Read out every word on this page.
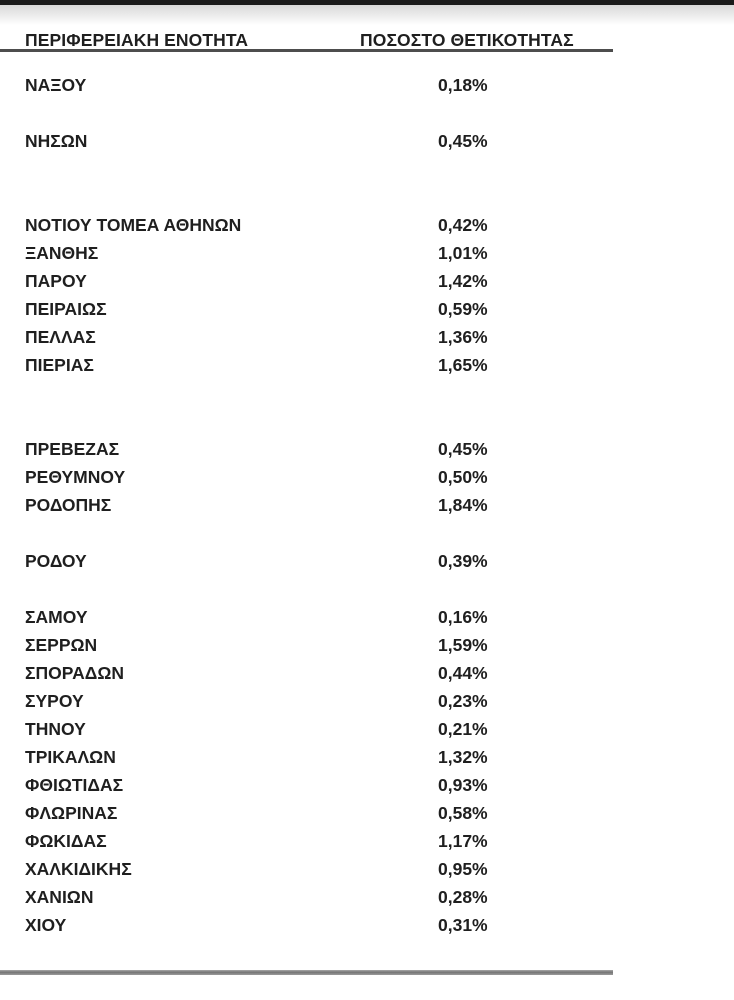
ΠΕΡΙΦΕΡΕΙΑΚΗ ΕΝΟΤΗΤΑ	ΠΟΣΟΣΤΟ ΘΕΤΙΚΟΤΗΤΑΣ
ΝΑΞΟΥ	0,18%
ΝΗΣΩΝ	0,45%
ΝΟΤΙΟΥ ΤΟΜΕΑ ΑΘΗΝΩΝ	0,42%
ΞΑΝΘΗΣ	1,01%
ΠΑΡΟΥ	1,42%
ΠΕΙΡΑΙΩΣ	0,59%
ΠΕΛΛΑΣ	1,36%
ΠΙΕΡΙΑΣ	1,65%
ΠΡΕΒΕΖΑΣ	0,45%
ΡΕΘΥΜΝΟΥ	0,50%
ΡΟΔΟΠΗΣ	1,84%
ΡΟΔΟΥ	0,39%
ΣΑΜΟΥ	0,16%
ΣΕΡΡΩΝ	1,59%
ΣΠΟΡΑΔΩΝ	0,44%
ΣΥΡΟΥ	0,23%
ΤΗΝΟΥ	0,21%
ΤΡΙΚΑΛΩΝ	1,32%
ΦΘΙΩΤΙΔΑΣ	0,93%
ΦΛΩΡΙΝΑΣ	0,58%
ΦΩΚΙΔΑΣ	1,17%
ΧΑΛΚΙΔΙΚΗΣ	0,95%
ΧΑΝΙΩΝ	0,28%
ΧΙΟΥ	0,31%
